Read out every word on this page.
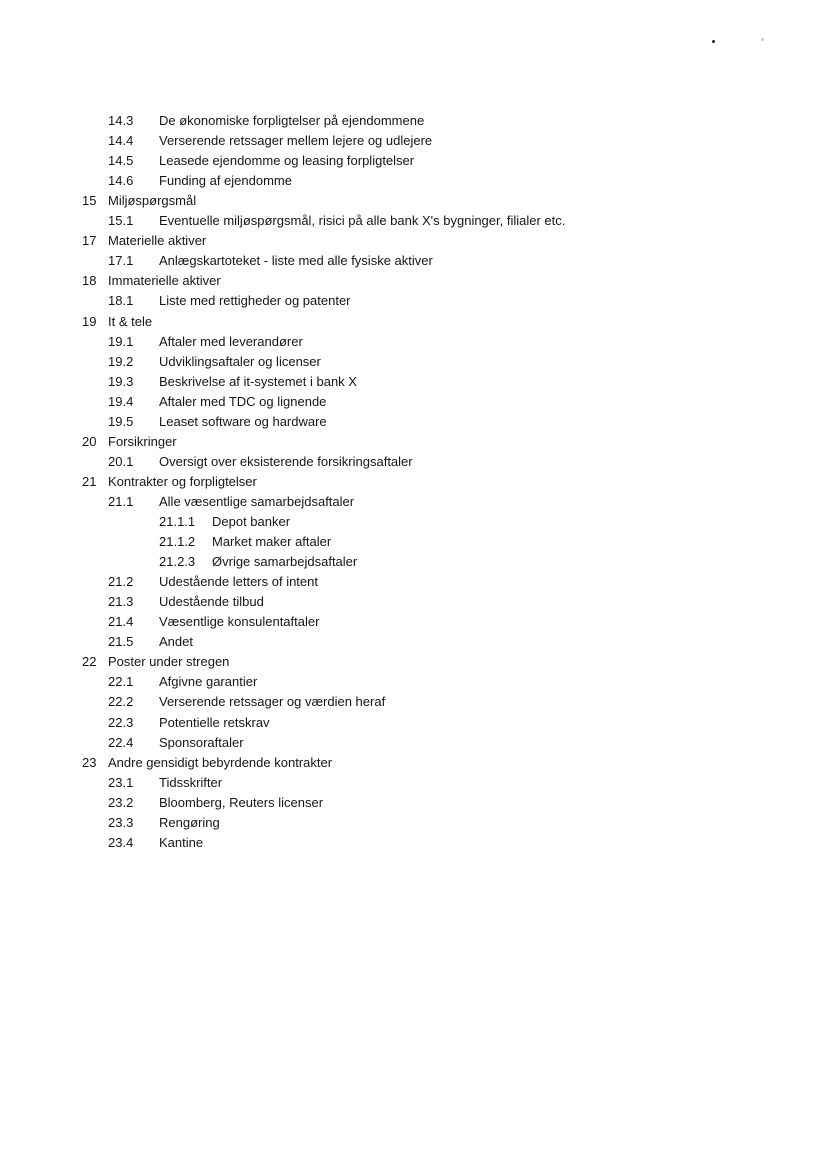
14.3 De økonomiske forpligtelser på ejendommene
14.4 Verserende retssager mellem lejere og udlejere
14.5 Leasede ejendomme og leasing forpligtelser
14.6 Funding af ejendomme
15 Miljøspørgsmål
15.1 Eventuelle miljøspørgsmål, risici på alle bank X's bygninger, filialer etc.
17 Materielle aktiver
17.1 Anlægskartoteket - liste med alle fysiske aktiver
18 Immaterielle aktiver
18.1 Liste med rettigheder og patenter
19 It & tele
19.1 Aftaler med leverandører
19.2 Udviklingsaftaler og licenser
19.3 Beskrivelse af it-systemet i bank X
19.4 Aftaler med TDC og lignende
19.5 Leaset software og hardware
20 Forsikringer
20.1 Oversigt over eksisterende forsikringsaftaler
21 Kontrakter og forpligtelser
21.1 Alle væsentlige samarbejdsaftaler
21.1.1 Depot banker
21.1.2 Market maker aftaler
21.2.3 Øvrige samarbejdsaftaler
21.2 Udestående letters of intent
21.3 Udestående tilbud
21.4 Væsentlige konsulentaftaler
21.5 Andet
22 Poster under stregen
22.1 Afgivne garantier
22.2 Verserende retssager og værdien heraf
22.3 Potentielle retskrav
22.4 Sponsoraftaler
23 Andre gensidigt bebyrdende kontrakter
23.1 Tidsskrifter
23.2 Bloomberg, Reuters licenser
23.3 Rengøring
23.4 Kantine
